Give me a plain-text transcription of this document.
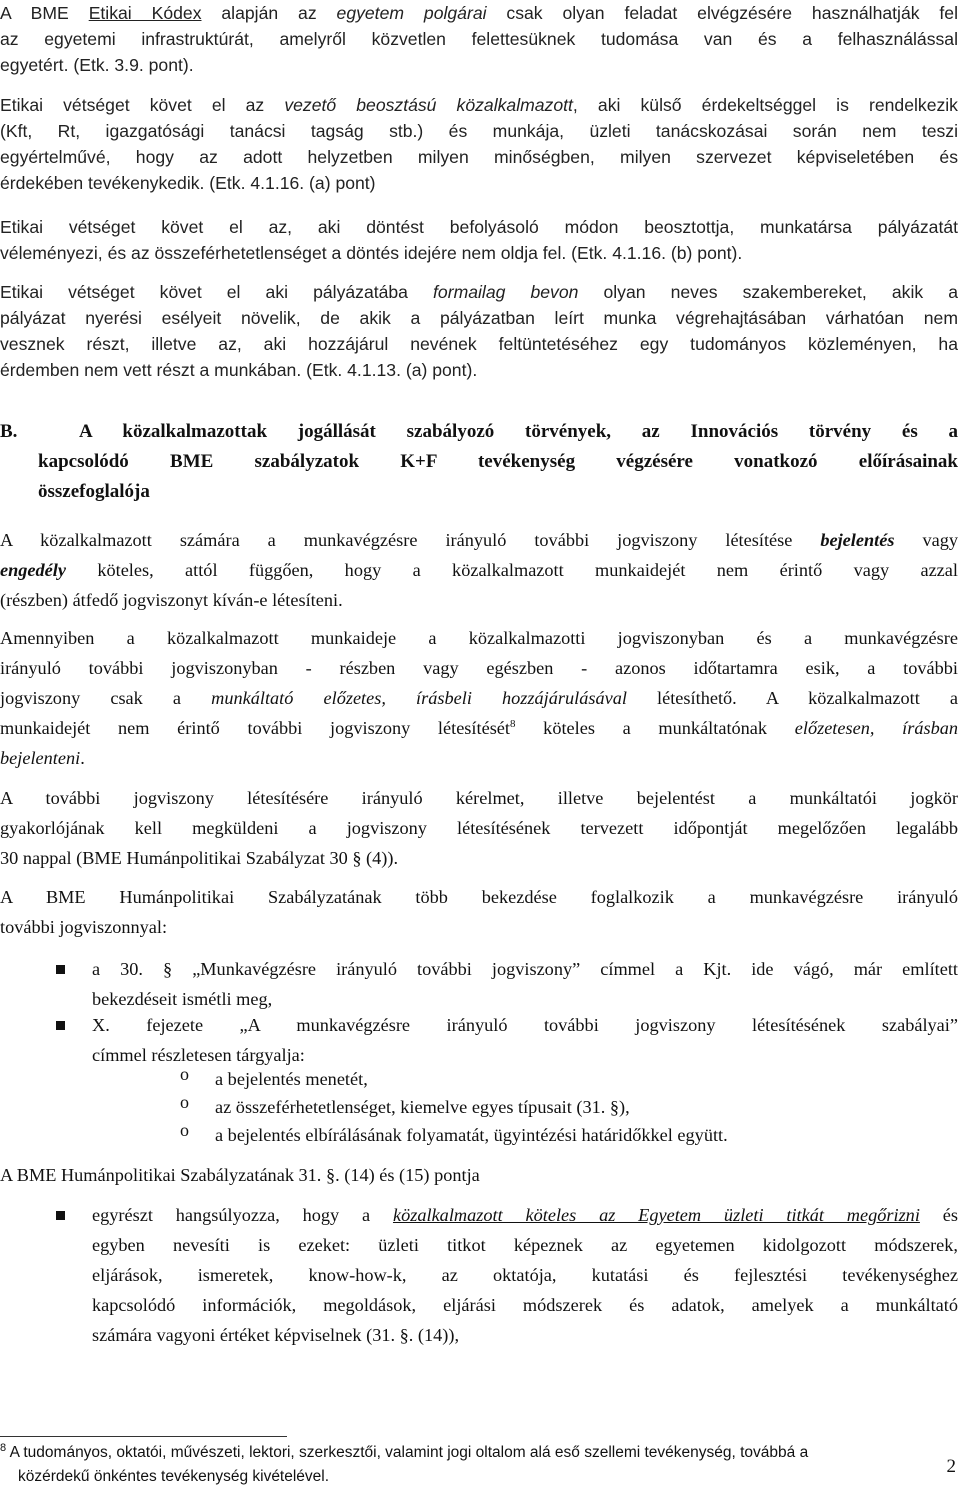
A BME Etikai Kódex alapján az egyetem polgárai csak olyan feladat elvégzésére használhatják fel
az egyetemi infrastruktúrát, amelyről közvetlen felettesüknek tudomása van és a felhasználással
egyetért. (Etk. 3.9. pont).
Etikai vétséget követ el az vezető beosztású közalkalmazott, aki külső érdekeltséggel is rendelkezik
(Kft, Rt, igazgatósági tanácsi tagság stb.) és munkája, üzleti tanácskozásai során nem teszi
egyértelművé, hogy az adott helyzetben milyen minőségben, milyen szervezet képviseletében és
érdekében tevékenykedik. (Etk. 4.1.16. (a) pont)
Etikai vétséget követ el az, aki döntést befolyásoló módon beosztottja, munkatársa pályázatát
véleményezi, és az összeférhetetlenséget a döntés idejére nem oldja fel. (Etk. 4.1.16. (b) pont).
Etikai vétséget követ el aki pályázatába formailag bevon olyan neves szakembereket, akik a
pályázat nyerési esélyeit növelik, de akik a pályázatban leírt munka végrehajtásában várhatóan nem
vesznek részt, illetve az, aki hozzájárul nevének feltüntetéséhez egy tudományos közleményen, ha
érdemben nem vett részt a munkában. (Etk. 4.1.13. (a) pont).
B.	A közalkalmazottak jogállását szabályozó törvények, az Innovációs törvény és a
kapcsolódó BME szabályzatok K+F tevékenység végzésére vonatkozó előírásainak
összefoglalója
A közalkalmazott számára a munkavégzésre irányuló további jogviszony létesítése bejelentés vagy
engedély köteles, attól függően, hogy a közalkalmazott munkaidejét nem érintő vagy azzal
(részben) átfedő jogviszonyt kíván-e létesíteni.
Amennyiben a közalkalmazott munkaideje a közalkalmazotti jogviszonyban és a munkavégzésre
irányuló további jogviszonyban - részben vagy egészben - azonos időtartamra esik, a további
jogviszony csak a munkáltató előzetes, írásbeli hozzájárulásával létesíthető. A közalkalmazott a
munkaidejét nem érintő további jogviszony létesítését$^8$ köteles a munkáltatónak előzetesen, írásban
bejelenteni.
A további jogviszony létesítésére irányuló kérelmet, illetve bejelentést a munkáltatói jogkör
gyakorlójának kell megküldeni a jogviszony létesítésének tervezett időpontját megelőzően legalább
30 nappal (BME Humánpolitikai Szabályzat 30 § (4)).
A BME Humánpolitikai Szabályzatának több bekezdése foglalkozik a munkavégzésre irányuló
további jogviszonnyal:
a 30. § „Munkavégzésre irányuló további jogviszony” címmel a Kjt. ide vágó, már említett
bekezdéseit ismétli meg,
X. fejezete „A munkavégzésre irányuló további jogviszony létesítésének szabályai”
címmel részletesen tárgyalja:
o a bejelentés menetét,
o az összeférhetetlenséget, kiemelve egyes típusait (31. §),
o a bejelentés elbírálásának folyamatát, ügyintézési határidőkkel együtt.
A BME Humánpolitikai Szabályzatának 31. §. (14) és (15) pontja
egyrészt hangsúlyozza, hogy a közalkalmazott köteles az Egyetem üzleti titkát megőrizni és
egyben nevesíti is ezeket: üzleti titkot képeznek az egyetemen kidolgozott módszerek,
eljárások, ismeretek, know-how-k, az oktatója, kutatási és fejlesztési tevékenységhez
kapcsolódó információk, megoldások, eljárási módszerek és adatok, amelyek a munkáltató
számára vagyoni értéket képviselnek (31. §. (14)),
$^8$ A tudományos, oktatói, művészeti, lektori, szerkesztői, valamint jogi oltalom alá eső szellemi tevékenység, továbbá a
közérdekű önkéntes tevékenység kivételével.	2
